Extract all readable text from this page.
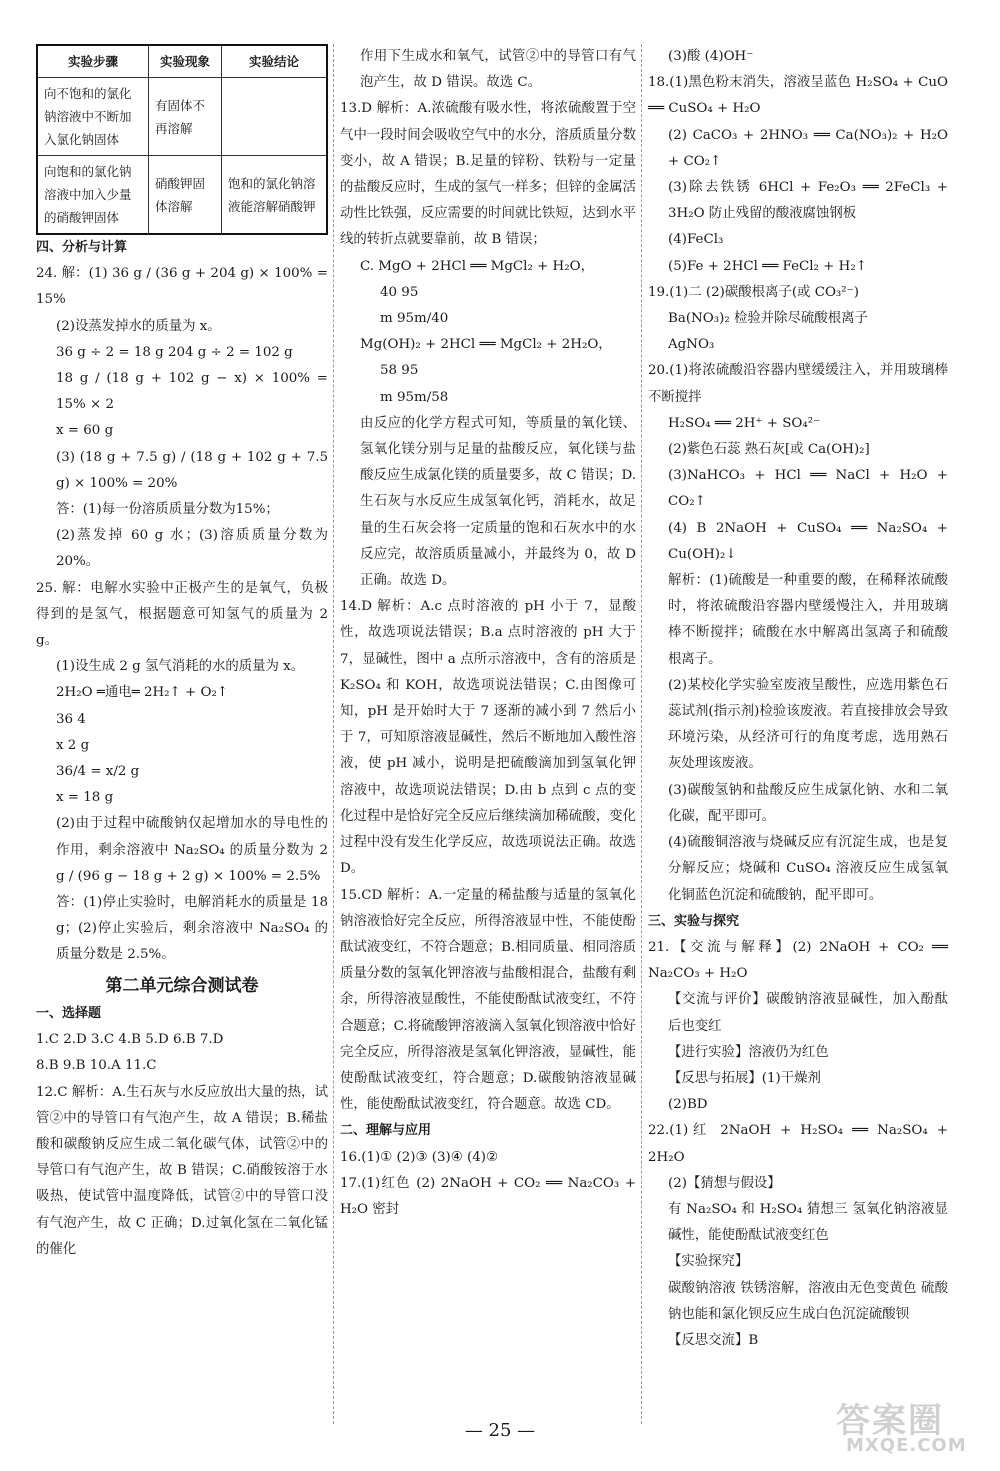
实验步骤	实验现象	实验结论
向不饱和的氯化钠溶液中不断加入氯化钠固体	有固体不再溶解	
向饱和的氯化钠溶液中加入少量的硝酸钾固体	硝酸钾固体溶解	饱和的氯化钠溶液能溶解硝酸钾

四、分析与计算

24. 解：(1) 36 g / (36 g + 204 g) × 100% = 15%

(2)设蒸发掉水的质量为 x。

36 g ÷ 2 = 18 g 204 g ÷ 2 = 102 g

18 g / (18 g + 102 g − x) × 100% = 15% × 2

x = 60 g

(3) (18 g + 7.5 g) / (18 g + 102 g + 7.5 g) × 100% = 20%

答：(1)每一份溶质质量分数为15%；

(2)蒸发掉 60 g 水；(3)溶质质量分数为 20%。

25. 解：电解水实验中正极产生的是氧气，负极得到的是氢气，根据题意可知氢气的质量为 2 g。

(1)设生成 2 g 氢气消耗的水的质量为 x。

2H₂O ═通电═ 2H₂↑ + O₂↑

36 4

x 2 g

36/4 = x/2 g

x = 18 g

(2)由于过程中硫酸钠仅起增加水的导电性的作用，剩余溶液中 Na₂SO₄ 的质量分数为 2 g / (96 g − 18 g + 2 g) × 100% = 2.5%

答：(1)停止实验时，电解消耗水的质量是 18 g；(2)停止实验后，剩余溶液中 Na₂SO₄ 的质量分数是 2.5%。

第二单元综合测试卷

一、选择题

1.C 2.D 3.C 4.B 5.D 6.B 7.D

8.B 9.B 10.A 11.C

12.C 解析：A.生石灰与水反应放出大量的热，试管②中的导管口有气泡产生，故 A 错误；B.稀盐酸和碳酸钠反应生成二氧化碳气体，试管②中的导管口有气泡产生，故 B 错误；C.硝酸铵溶于水吸热，使试管中温度降低，试管②中的导管口没有气泡产生，故 C 正确；D.过氧化氢在二氧化锰的催化

作用下生成水和氧气，试管②中的导管口有气泡产生，故 D 错误。故选 C。

13.D 解析：A.浓硫酸有吸水性，将浓硫酸置于空气中一段时间会吸收空气中的水分，溶质质量分数变小，故 A 错误；B.足量的锌粉、铁粉与一定量的盐酸反应时，生成的氢气一样多；但锌的金属活动性比铁强，反应需要的时间就比铁短，达到水平线的转折点就要靠前，故 B 错误；

C. MgO + 2HCl ══ MgCl₂ + H₂O，

40 95

m 95m/40

Mg(OH)₂ + 2HCl ══ MgCl₂ + 2H₂O，

58 95

m 95m/58

由反应的化学方程式可知，等质量的氧化镁、氢氧化镁分别与足量的盐酸反应，氧化镁与盐酸反应生成氯化镁的质量要多，故 C 错误；D.生石灰与水反应生成氢氧化钙，消耗水，故足量的生石灰会将一定质量的饱和石灰水中的水反应完，故溶质质量减小，并最终为 0，故 D 正确。故选 D。

14.D 解析：A.c 点时溶液的 pH 小于 7，显酸性，故选项说法错误；B.a 点时溶液的 pH 大于 7，显碱性，图中 a 点所示溶液中，含有的溶质是 K₂SO₄ 和 KOH，故选项说法错误；C.由图像可知，pH 是开始时大于 7 逐渐的减小到 7 然后小于 7，可知原溶液显碱性，然后不断地加入酸性溶液，使 pH 减小，说明是把硫酸滴加到氢氧化钾溶液中，故选项说法错误；D.由 b 点到 c 点的变化过程中是恰好完全反应后继续滴加稀硫酸，变化过程中没有发生化学反应，故选项说法正确。故选 D。

15.CD 解析：A.一定量的稀盐酸与适量的氢氧化钠溶液恰好完全反应，所得溶液显中性，不能使酚酞试液变红，不符合题意；B.相同质量、相同溶质质量分数的氢氧化钾溶液与盐酸相混合，盐酸有剩余，所得溶液显酸性，不能使酚酞试液变红，不符合题意；C.将硫酸钾溶液滴入氢氧化钡溶液中恰好完全反应，所得溶液是氢氧化钾溶液，显碱性，能使酚酞试液变红，符合题意；D.碳酸钠溶液显碱性，能使酚酞试液变红，符合题意。故选 CD。

二、理解与应用

16.(1)① (2)③ (3)④ (4)②

17.(1)红色 (2) 2NaOH + CO₂ ══ Na₂CO₃ + H₂O 密封

(3)酸 (4)OH⁻

18.(1)黑色粉末消失，溶液呈蓝色 H₂SO₄ + CuO ══ CuSO₄ + H₂O

(2) CaCO₃ + 2HNO₃ ══ Ca(NO₃)₂ + H₂O + CO₂↑

(3)除去铁锈 6HCl + Fe₂O₃ ══ 2FeCl₃ + 3H₂O 防止残留的酸液腐蚀钢板

(4)FeCl₃

(5)Fe + 2HCl ══ FeCl₂ + H₂↑

19.(1)二 (2)碳酸根离子(或 CO₃²⁻)

Ba(NO₃)₂ 检验并除尽硫酸根离子

AgNO₃

20.(1)将浓硫酸沿容器内壁缓缓注入，并用玻璃棒不断搅拌

H₂SO₄ ══ 2H⁺ + SO₄²⁻

(2)紫色石蕊 熟石灰[或 Ca(OH)₂]

(3)NaHCO₃ + HCl ══ NaCl + H₂O + CO₂↑

(4) B 2NaOH + CuSO₄ ══ Na₂SO₄ + Cu(OH)₂↓

解析：(1)硫酸是一种重要的酸，在稀释浓硫酸时，将浓硫酸沿容器内壁缓慢注入，并用玻璃棒不断搅拌；硫酸在水中解离出氢离子和硫酸根离子。

(2)某校化学实验室废液呈酸性，应选用紫色石蕊试剂(指示剂)检验该废液。若直接排放会导致环境污染，从经济可行的角度考虑，选用熟石灰处理该废液。

(3)碳酸氢钠和盐酸反应生成氯化钠、水和二氧化碳，配平即可。

(4)硫酸铜溶液与烧碱反应有沉淀生成，也是复分解反应；烧碱和 CuSO₄ 溶液反应生成氢氧化铜蓝色沉淀和硫酸钠，配平即可。

三、实验与探究

21.【交流与解释】(2) 2NaOH + CO₂ ══ Na₂CO₃ + H₂O

【交流与评价】碳酸钠溶液显碱性，加入酚酞后也变红

【进行实验】溶液仍为红色

【反思与拓展】(1)干燥剂

(2)BD

22.(1)红 2NaOH + H₂SO₄ ══ Na₂SO₄ + 2H₂O

(2)【猜想与假设】

有 Na₂SO₄ 和 H₂SO₄ 猜想三 氢氧化钠溶液显碱性，能使酚酞试液变红色

【实验探究】

碳酸钠溶液 铁锈溶解，溶液由无色变黄色 硫酸钠也能和氯化钡反应生成白色沉淀硫酸钡

【反思交流】B

— 25 —	答案圈
MXQE.COM
